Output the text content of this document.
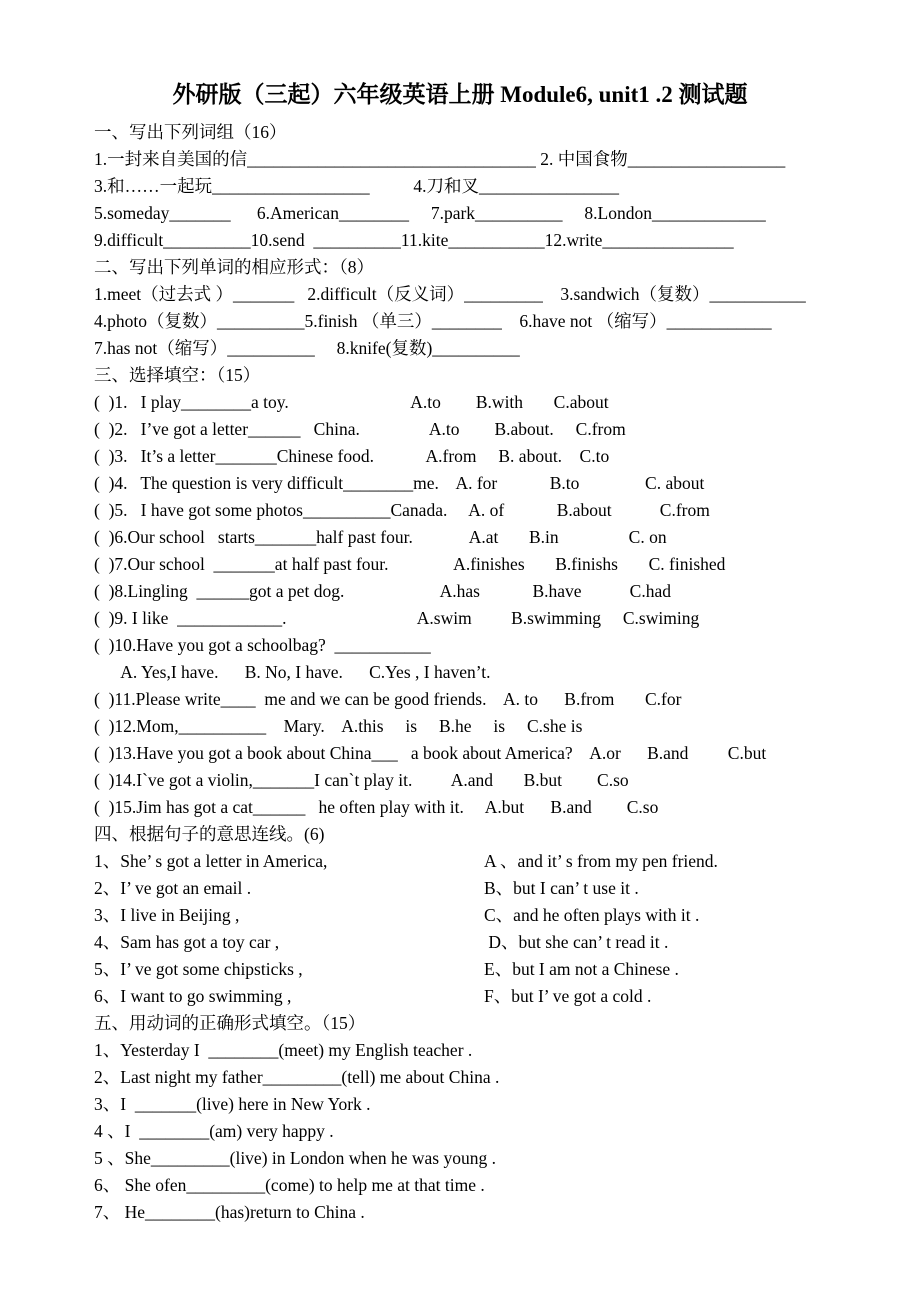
外研版（三起）六年级英语上册 Module6, unit1 .2 测试题
一、写出下列词组（16）
1.一封来自美国的信_________________________________ 2. 中国食物__________________
3.和……一起玩__________________          4.刀和叉________________
5.someday_______      6.American________     7.park__________     8.London_____________
9.difficult__________10.send  __________11.kite___________12.write_______________
二、写出下列单词的相应形式：（8）
1.meet（过去式 ）_______   2.difficult（反义词）_________    3.sandwich（复数）___________
4.photo（复数）__________5.finish （单三）________    6.have not （缩写）____________
7.has not（缩写）__________     8.knife(复数)__________
三、选择填空：（15）
(  )1.   I play________a toy.                            A.to        B.with       C.about
(  )2.   I’ve got a letter______   China.                A.to        B.about.     C.from
(  )3.   It’s a letter_______Chinese food.            A.from     B. about.    C.to
(  )4.   The question is very difficult________me.    A. for            B.to               C. about
(  )5.   I have got some photos__________Canada.     A. of            B.about           C.from
(  )6.Our school   starts_______half past four.             A.at       B.in                C. on
(  )7.Our school  _______at half past four.               A.finishes       B.finishs       C. finished
(  )8.Lingling  ______got a pet dog.                      A.has            B.have           C.had
(  )9. I like  ____________.                              A.swim         B.swimming     C.swiming
(  )10.Have you got a schoolbag?  ___________
A. Yes,I have.      B. No, I have.      C.Yes , I haven’t.
(  )11.Please write____  me and we can be good friends.    A. to      B.from       C.for
(  )12.Mom,__________    Mary.    A.this     is     B.he     is     C.she is
(  )13.Have you got a book about China___   a book about America?    A.or      B.and         C.but
(  )14.I`ve got a violin,_______I can`t play it.         A.and       B.but        C.so
(  )15.Jim has got a cat______   he often play with it.     A.but      B.and        C.so
四、根据句子的意思连线。(6)
1、She’ s got a letter in America,	A 、and it’ s from my pen friend.
2、I’ ve got an email .	B、but I can’ t use it .
3、I live in Beijing ,	C、and he often plays with it .
4、Sam has got a toy car ,	D、but she can’ t read it .
5、I’ ve got some chipsticks ,	E、but I am not a Chinese .
6、I want to go swimming ,	F、but I’ ve got a cold .
五、用动词的正确形式填空。（15）
1、Yesterday I  ________(meet) my English teacher .
2、Last night my father_________(tell) me about China .
3、I  _______(live) here in New York .
4 、I  ________(am) very happy .
5 、She_________(live) in London when he was young .
6、 She ofen_________(come) to help me at that time .
7、 He________(has)return to China .
